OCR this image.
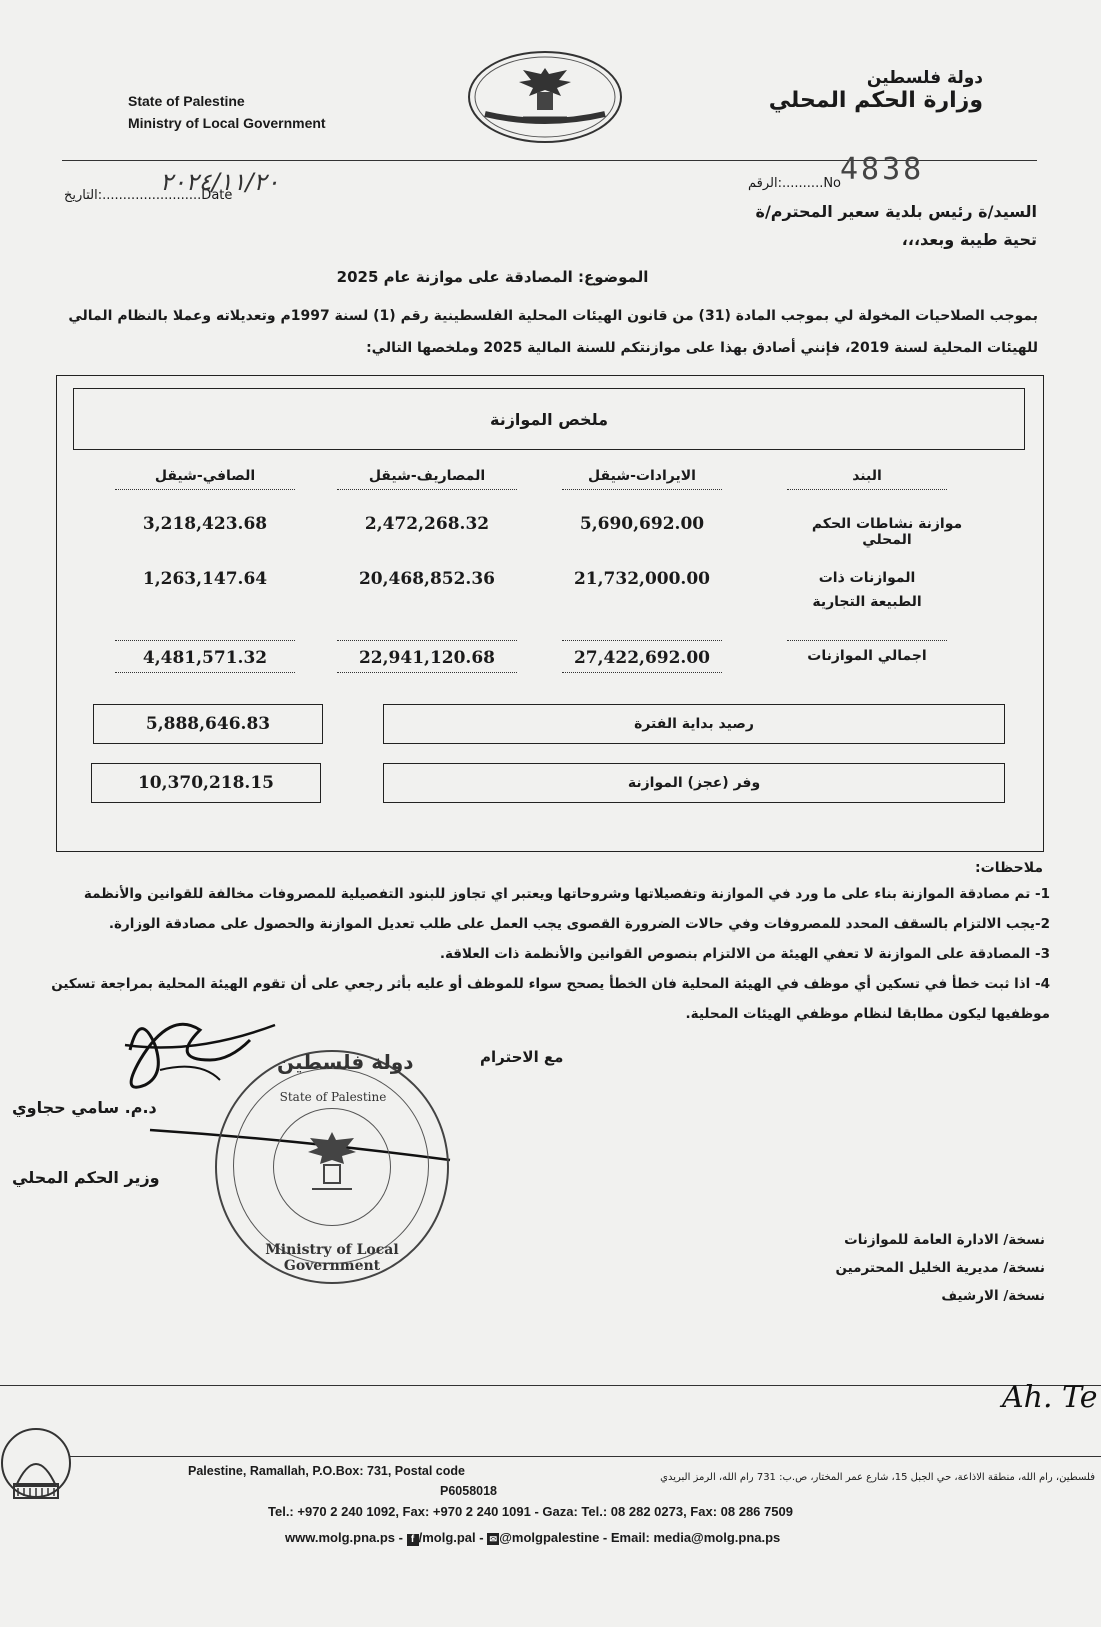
State of Palestine
Ministry of Local Government
دولة فلسطين
وزارة الحكم المحلي
الرقم:..........No
4838
التاريخ:........................Date
٢٠٢٤/١١/٢٠
السيد/ة رئيس بلدية سعير المحترم/ة
تحية طيبة وبعد،،،
الموضوع: المصادقة على موازنة عام 2025
بموجب الصلاحيات المخولة لي بموجب المادة (31) من قانون الهيئات المحلية الفلسطينية رقم (1) لسنة 1997م وتعديلاته وعملا بالنظام المالي
للهيئات المحلية لسنة 2019، فإنني أصادق بهذا على موازنتكم للسنة المالية 2025 وملخصها التالي:
ملخص الموازنة
البند
الايرادات-شيقل
المصاريف-شيقل
الصافي-شيقل
موازنة نشاطات الحكم المحلي
5,690,692.00
2,472,268.32
3,218,423.68
الموازنات ذات الطبيعة التجارية
21,732,000.00
20,468,852.36
1,263,147.64
اجمالي الموازنات
27,422,692.00
22,941,120.68
4,481,571.32
رصيد بداية الفترة
5,888,646.83
وفر (عجز) الموازنة
10,370,218.15
ملاحظات:
1- تم مصادقة الموازنة بناء على ما ورد في الموازنة وتفصيلاتها وشروحاتها ويعتبر اي تجاوز للبنود التفصيلية للمصروفات مخالفة للقوانين والأنظمة
2-يجب الالتزام بالسقف المحدد للمصروفات وفي حالات الضرورة القصوى يجب العمل على طلب تعديل الموازنة والحصول على مصادقة الوزارة.
3- المصادقة على الموازنة لا تعفي الهيئة من الالتزام بنصوص القوانين والأنظمة ذات العلاقة.
4- اذا ثبت خطأ في تسكين أي موظف في الهيئة المحلية فان الخطأ يصحح سواء للموظف أو عليه بأثر رجعي على أن تقوم الهيئة المحلية بمراجعة تسكين
موظفيها ليكون مطابقا لنظام موظفي الهيئات المحلية.
مع الاحترام
د.م. سامي حجاوي
وزير الحكم المحلي
دولة فلسطين
Ministry of Local Government
State of Palestine
نسخة/ الادارة العامة للموازنات
نسخة/ مديرية الخليل المحترمين
نسخة/ الارشيف
Ah. Te
Palestine, Ramallah, P.O.Box: 731, Postal code
P6058018
فلسطين، رام الله، منطقة الاذاعة، حي الجبل 15، شارع عمر المختار، ص.ب: 731 رام الله، الرمز البريدي
Tel.: +970 2 240 1092, Fax: +970 2 240 1091 - Gaza: Tel.: 08 282 0273, Fax: 08 286 7509
www.molg.pna.ps - f /molg.pal - ✉ @molgpalestine - Email: media@molg.pna.ps
